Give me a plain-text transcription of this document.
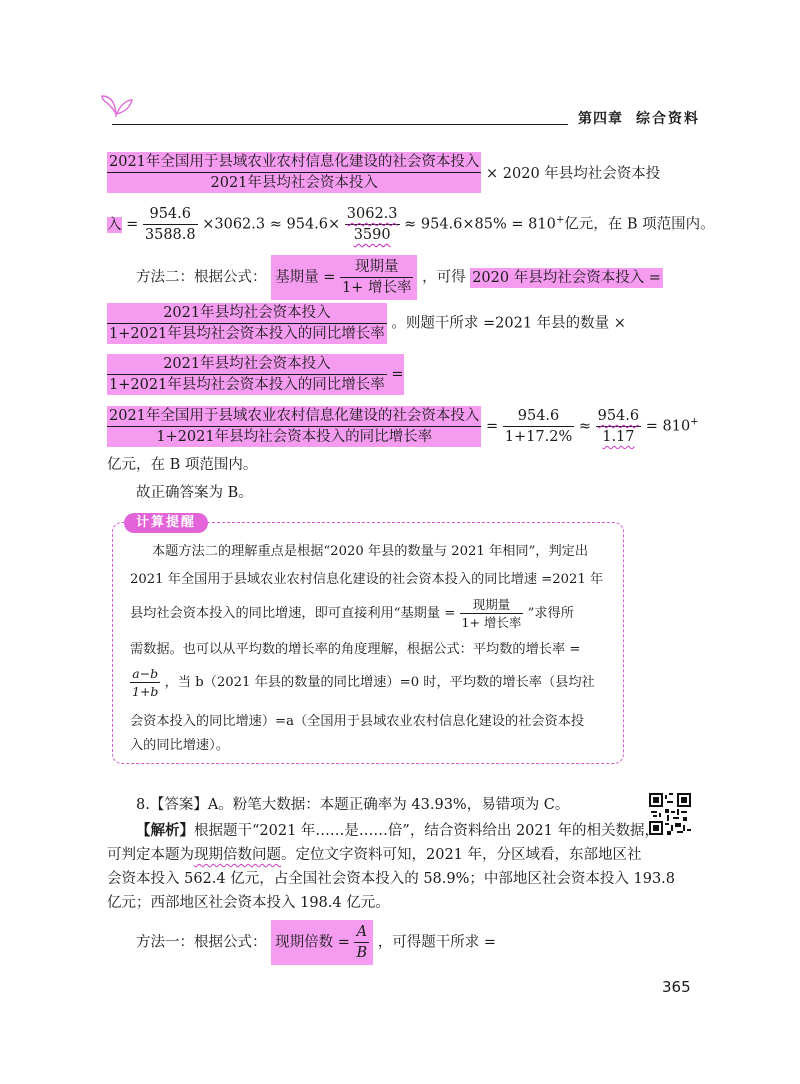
第四章 综合资料
$\frac{\text{2021年全国用于县域农业农村信息化建设的社会资本投入}}{\text{2021年县均社会资本投入}} \times 2020$ 年县均社会资本投
入 = $\frac{954.6}{3588.8} \times 3062.3 \approx 954.6\times \frac{3062.3}{3590} \approx 954.6\times 85\% = 810^+$亿元，在 B 项范围内。
方法二：根据公式： 基期量 = $\frac{\text{现期量}}{\text{1+ 增长率}}$ ，可得 2020 年县均社会资本投入 =
$\frac{\text{2021年县均社会资本投入}}{\text{1+2021年县均社会资本投入的同比增长率}}$ 。则题干所求 =2021 年县的数量 ×
$\frac{\text{2021年县均社会资本投入}}{\text{1+2021年县均社会资本投入的同比增长率}}$ =
$\frac{\text{2021年全国用于县域农业农村信息化建设的社会资本投入}}{\text{1+2021年县均社会资本投入的同比增长率}} = \frac{954.6}{1+17.2\%} \approx \frac{954.6}{1.17} = 810^+$
亿元，在 B 项范围内。
故正确答案为 B。
计算提醒
本题方法二的理解重点是根据“2020 年县的数量与 2021 年相同”，判定出
2021 年全国用于县域农业农村信息化建设的社会资本投入的同比增速 =2021 年
县均社会资本投入的同比增速，即可直接利用“基期量 = $\frac{\text{现期量}}{\text{1+ 增长率}}$ ”求得所
需数据。也可以从平均数的增长率的角度理解，根据公式：平均数的增长率 =
$\frac{a-b}{1+b}$ ，当 b（2021 年县的数量的同比增速）=0 时，平均数的增长率（县均社
会资本投入的同比增速）=a（全国用于县域农业农村信息化建设的社会资本投
入的同比增速）。
8.【答案】A。粉笔大数据：本题正确率为 43.93%，易错项为 C。
【解析】根据题干“2021 年……是……倍”，结合资料给出 2021 年的相关数据，
可判定本题为现期倍数问题。定位文字资料可知，2021 年，分区域看，东部地区社
会资本投入 562.4 亿元，占全国社会资本投入的 58.9%；中部地区社会资本投入 193.8
亿元；西部地区社会资本投入 198.4 亿元。
方法一：根据公式： 现期倍数 = $\frac{A}{B}$ ，可得题干所求 =
365
